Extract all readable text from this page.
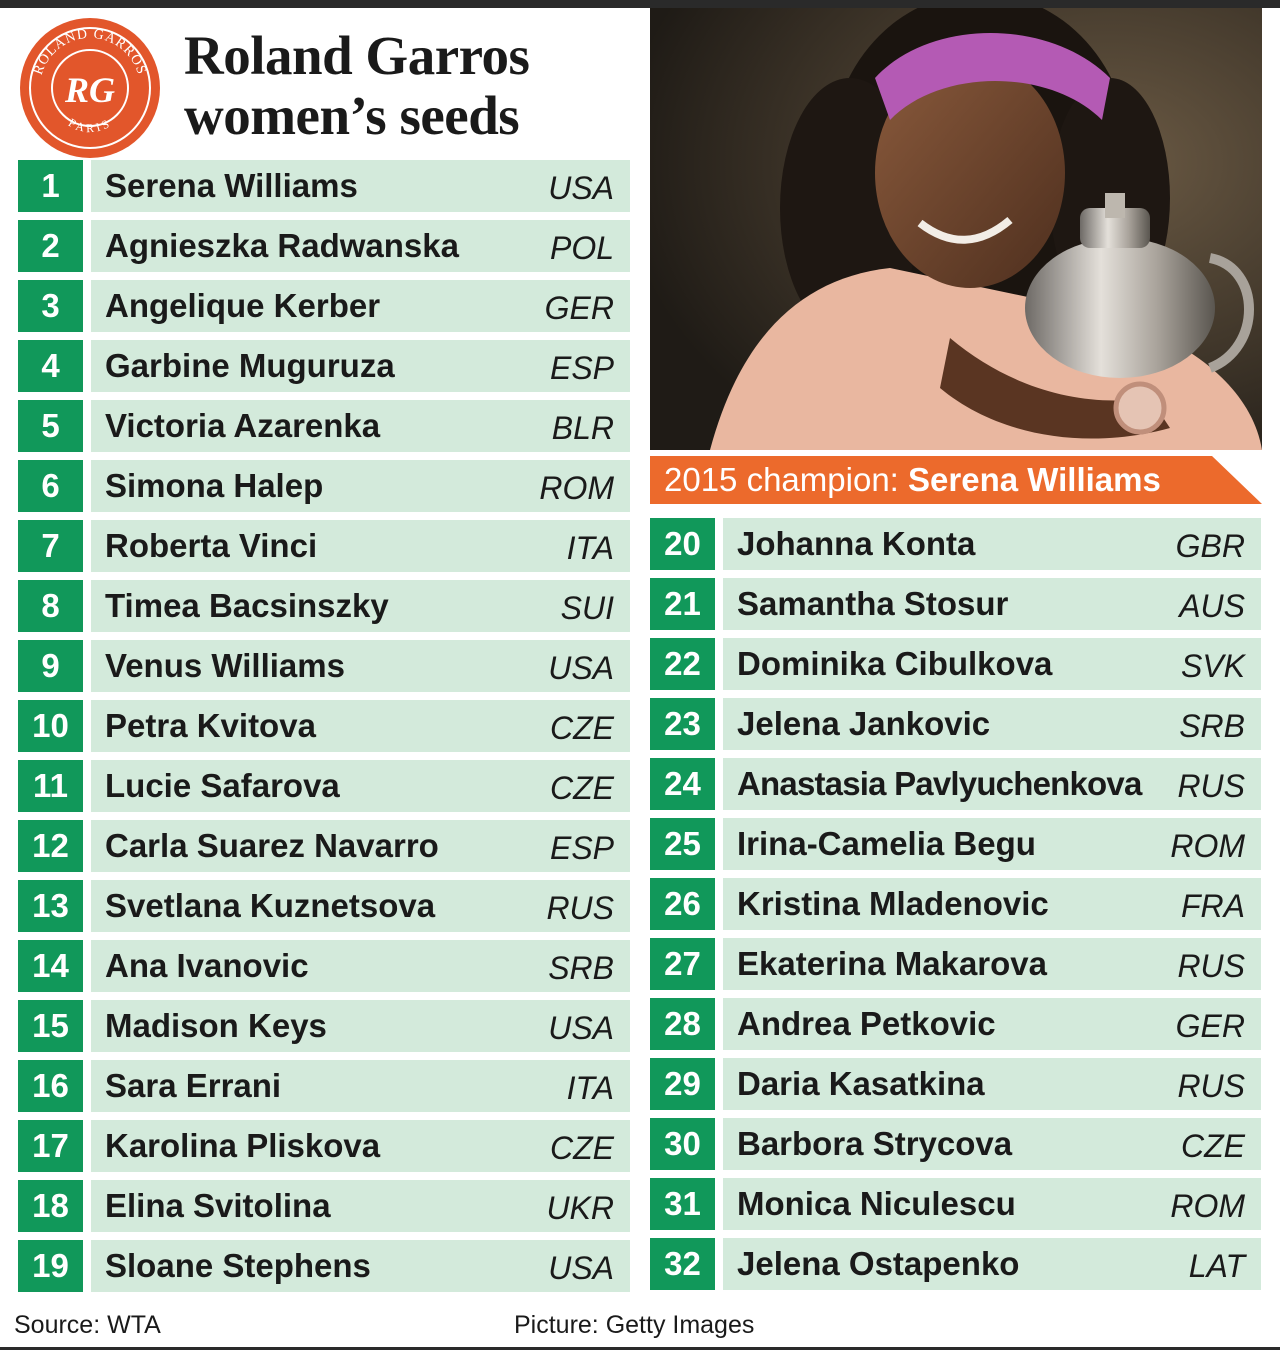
ROLAND GARROS
PARIS
RG
Roland Garros
women’s seeds
2015 champion: Serena Williams
1	Serena Williams	USA
2	Agnieszka Radwanska	POL
3	Angelique Kerber	GER
4	Garbine Muguruza	ESP
5	Victoria Azarenka	BLR
6	Simona Halep	ROM
7	Roberta Vinci	ITA
8	Timea Bacsinszky	SUI
9	Venus Williams	USA
10	Petra Kvitova	CZE
11	Lucie Safarova	CZE
12	Carla Suarez Navarro	ESP
13	Svetlana Kuznetsova	RUS
14	Ana Ivanovic	SRB
15	Madison Keys	USA
16	Sara Errani	ITA
17	Karolina Pliskova	CZE
18	Elina Svitolina	UKR
19	Sloane Stephens	USA
20	Johanna Konta	GBR
21	Samantha Stosur	AUS
22	Dominika Cibulkova	SVK
23	Jelena Jankovic	SRB
24	Anastasia Pavlyuchenkova RUS
25	Irina-Camelia Begu	ROM
26	Kristina Mladenovic	FRA
27	Ekaterina Makarova	RUS
28	Andrea Petkovic	GER
29	Daria Kasatkina	RUS
30	Barbora Strycova	CZE
31	Monica Niculescu	ROM
32	Jelena Ostapenko	LAT
Source: WTA	Picture: Getty Images
